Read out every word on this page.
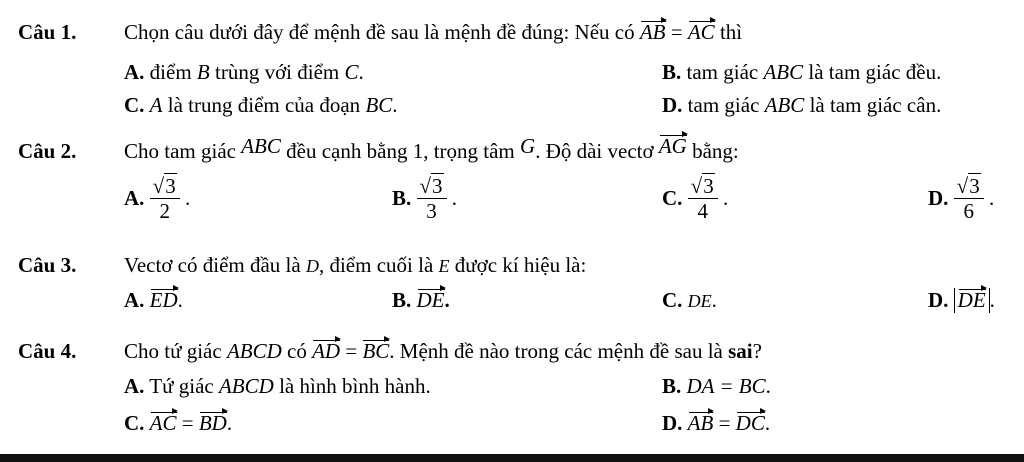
Câu 1. Chọn câu dưới đây để mệnh đề sau là mệnh đề đúng: Nếu có AB = AC thì
A. điểm B trùng với điểm C.	B. tam giác ABC là tam giác đều.
C. A là trung điểm của đoạn BC.	D. tam giác ABC là tam giác cân.
Câu 2. Cho tam giác ABC đều cạnh bằng 1, trọng tâm G. Độ dài vectơ AG bằng:
A. $\frac{√3}{2}$ .	B. $\frac{√3}{3}$ .	C. $\frac{√3}{4}$ .	D. $\frac{√3}{6}$ .
Câu 3. Vectơ có điểm đầu là D, điểm cuối là E được kí hiệu là:
A. ED.	B. DE.	C. DE.	D. DE .
Câu 4. Cho tứ giác ABCD có AD = BC. Mệnh đề nào trong các mệnh đề sau là sai?
A. Tứ giác ABCD là hình bình hành.	B. DA = BC.
C. AC = BD.	D. AB = DC.
